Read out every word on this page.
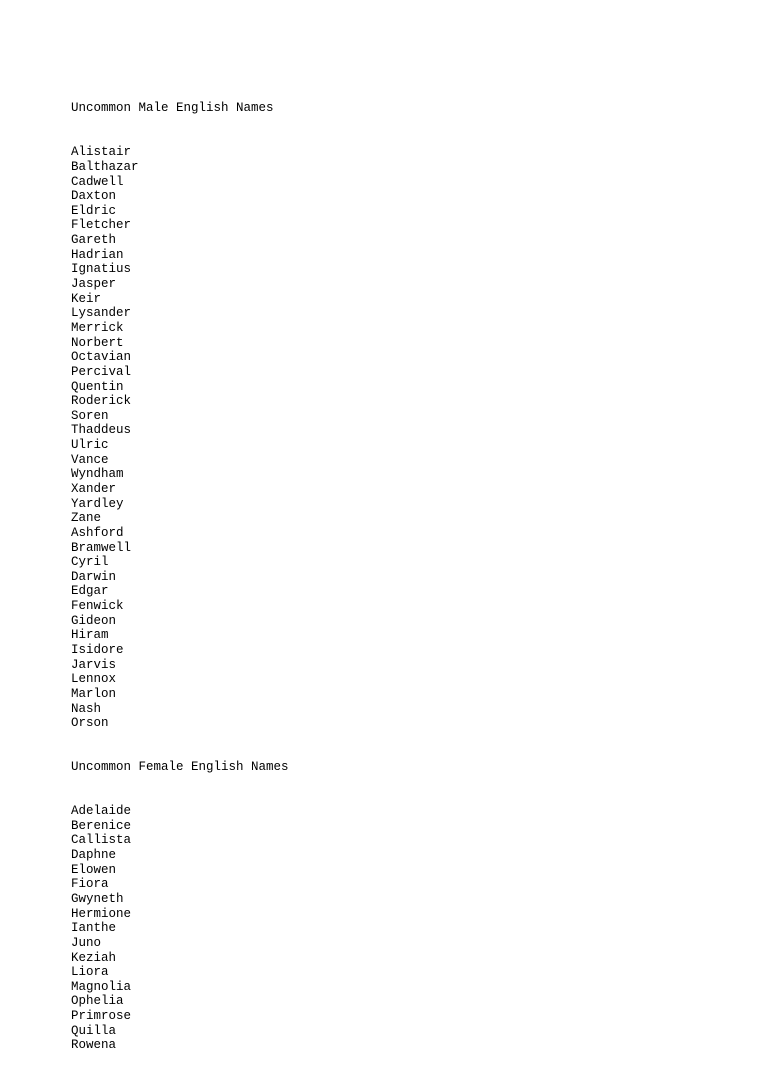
Uncommon Male English Names

Alistair
Balthazar
Cadwell
Daxton
Eldric
Fletcher
Gareth
Hadrian
Ignatius
Jasper
Keir
Lysander
Merrick
Norbert
Octavian
Percival
Quentin
Roderick
Soren
Thaddeus
Ulric
Vance
Wyndham
Xander
Yardley
Zane
Ashford
Bramwell
Cyril
Darwin
Edgar
Fenwick
Gideon
Hiram
Isidore
Jarvis
Lennox
Marlon
Nash
Orson

Uncommon Female English Names

Adelaide
Berenice
Callista
Daphne
Elowen
Fiora
Gwyneth
Hermione
Ianthe
Juno
Keziah
Liora
Magnolia
Ophelia
Primrose
Quilla
Rowena
